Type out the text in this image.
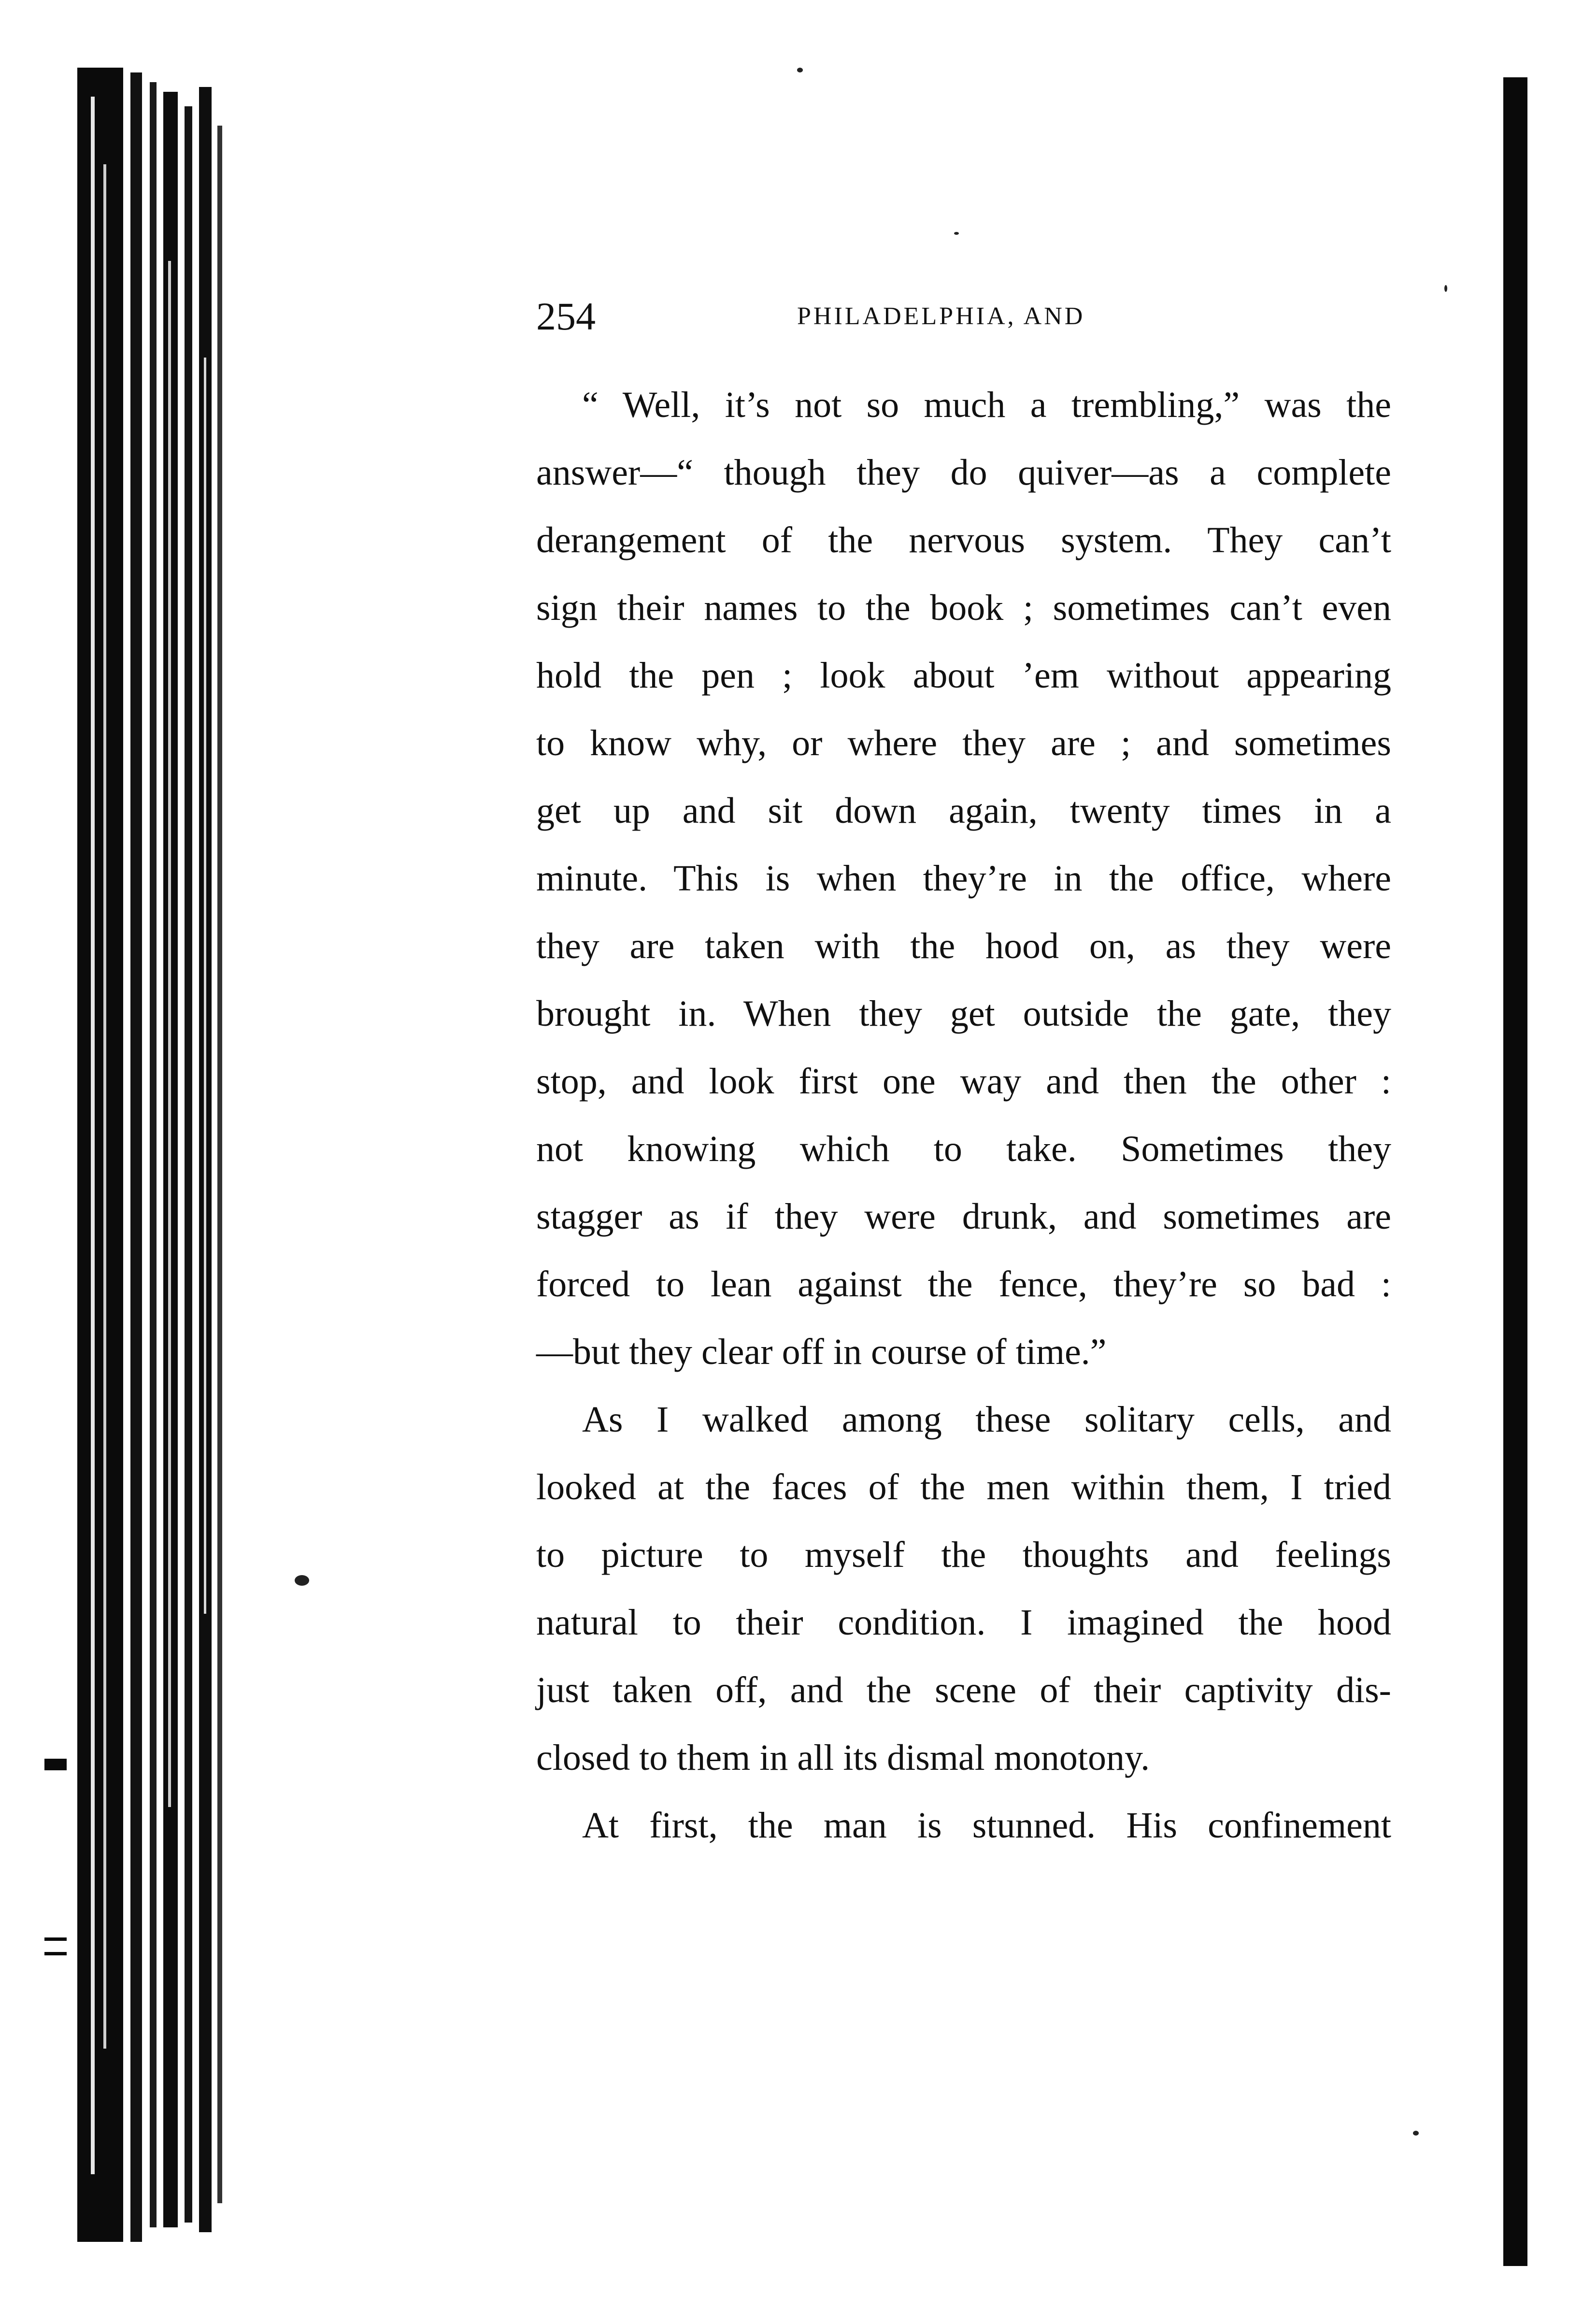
254	PHILADELPHIA, AND
“ Well, it’s not so much a trembling,” was the
answer—“ though they do quiver—as a complete
derangement of the nervous system. They can’t
sign their names to the book ; sometimes can’t even
hold the pen ; look about ’em without appearing
to know why, or where they are ; and sometimes
get up and sit down again, twenty times in a
minute. This is when they’re in the office, where
they are taken with the hood on, as they were
brought in. When they get outside the gate, they
stop, and look first one way and then the other :
not knowing which to take. Sometimes they
stagger as if they were drunk, and sometimes are
forced to lean against the fence, they’re so bad :
—but they clear off in course of time.”
As I walked among these solitary cells, and
looked at the faces of the men within them, I tried
to picture to myself the thoughts and feelings
natural to their condition. I imagined the hood
just taken off, and the scene of their captivity dis-
closed to them in all its dismal monotony.
At first, the man is stunned. His confinement
